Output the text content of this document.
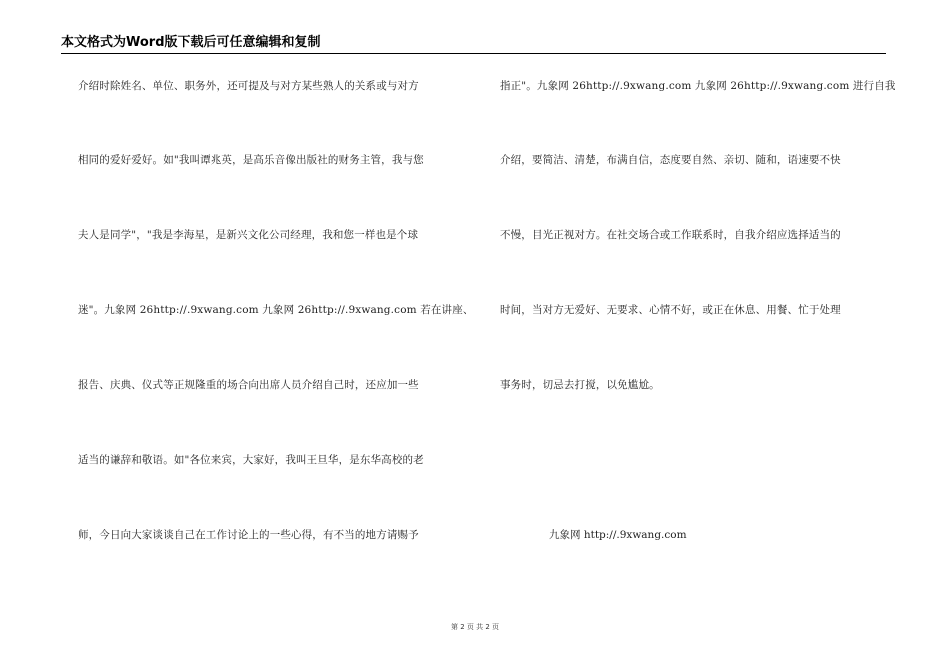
本文格式为Word版下载后可任意编辑和复制
介绍时除姓名、单位、职务外，还可提及与对方某些熟人的关系或与对方
相同的爱好爱好。如"我叫谭兆英，是高乐音像出版社的财务主管，我与您
夫人是同学"，"我是李海星，是新兴文化公司经理，我和您一样也是个球
迷"。九象网 26http://.9xwang.com 九象网 26http://.9xwang.com 若在讲座、
报告、庆典、仪式等正规隆重的场合向出席人员介绍自己时，还应加一些
适当的谦辞和敬语。如"各位来宾，大家好，我叫王旦华，是东华高校的老
师，今日向大家谈谈自己在工作讨论上的一些心得，有不当的地方请赐予
指正"。九象网 26http://.9xwang.com 九象网 26http://.9xwang.com 进行自我
介绍，要简洁、清楚，布满自信，态度要自然、亲切、随和，语速要不快
不慢，目光正视对方。在社交场合或工作联系时，自我介绍应选择适当的
时间，当对方无爱好、无要求、心情不好，或正在休息、用餐、忙于处理
事务时，切忌去打搅，以免尴尬。
九象网 http://.9xwang.com
第 2 页 共 2 页
